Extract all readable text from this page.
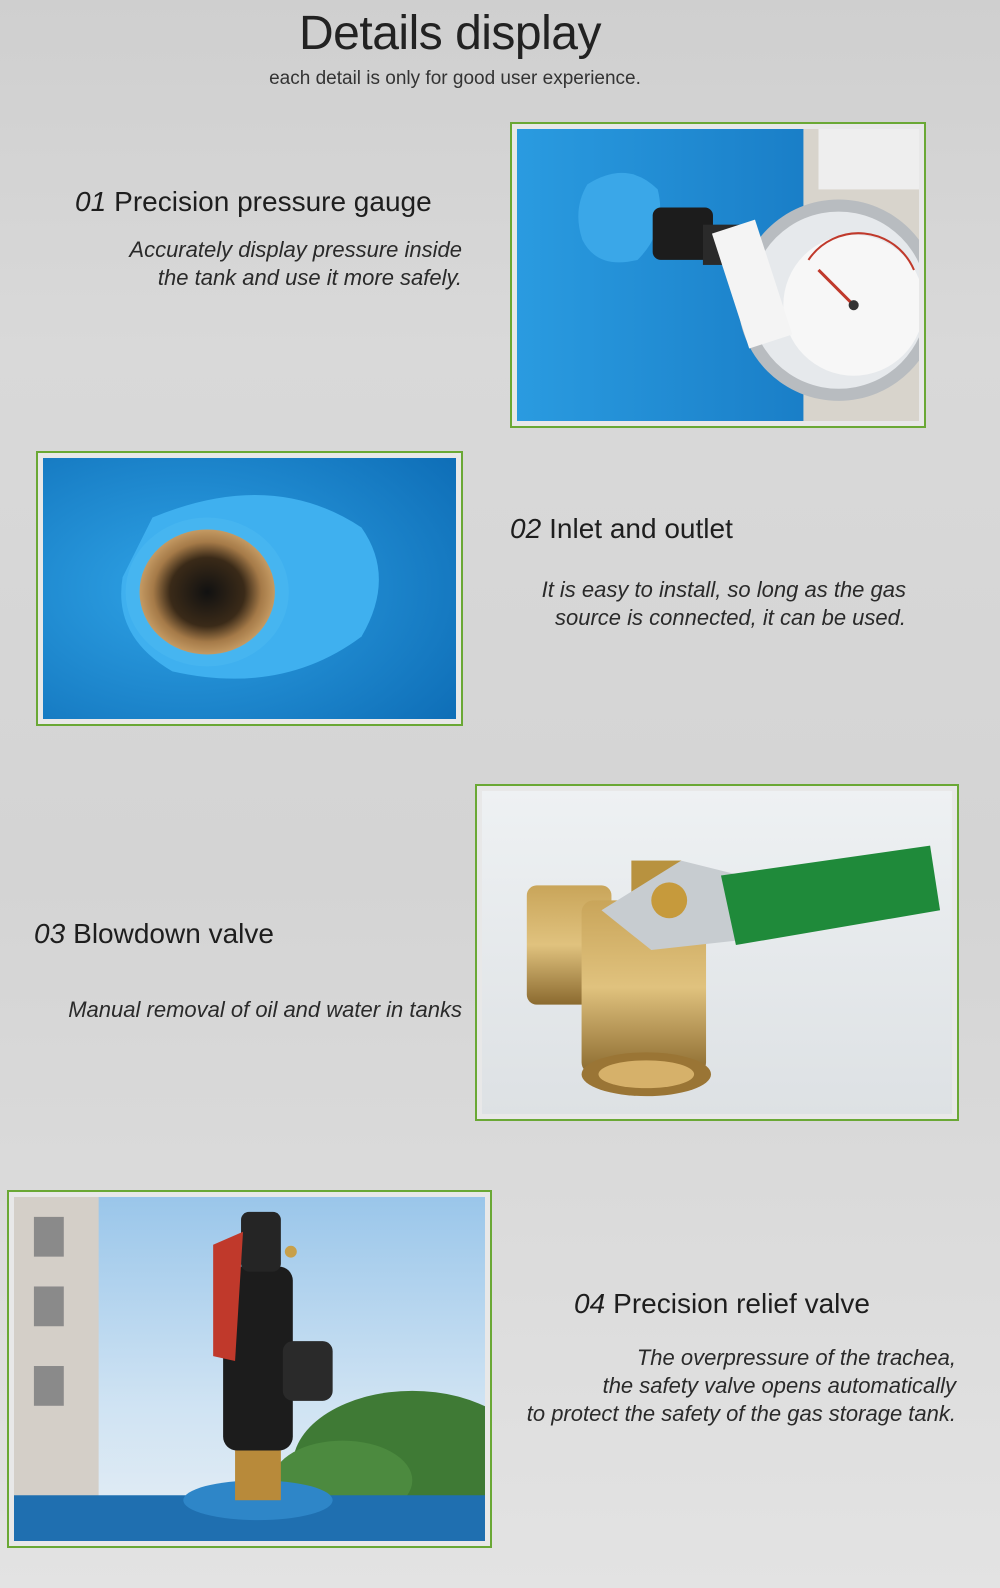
Details display
each detail is only for good user experience.
01 Precision pressure gauge
Accurately display pressure inside
the tank and use it more safely.
02 Inlet and outlet
It is easy to install, so long as the gas
source is connected, it can be used.
03 Blowdown valve
Manual removal of oil and water in tanks
04 Precision relief valve
The overpressure of the trachea,
the safety valve opens automatically
to protect the safety of the gas storage tank.
